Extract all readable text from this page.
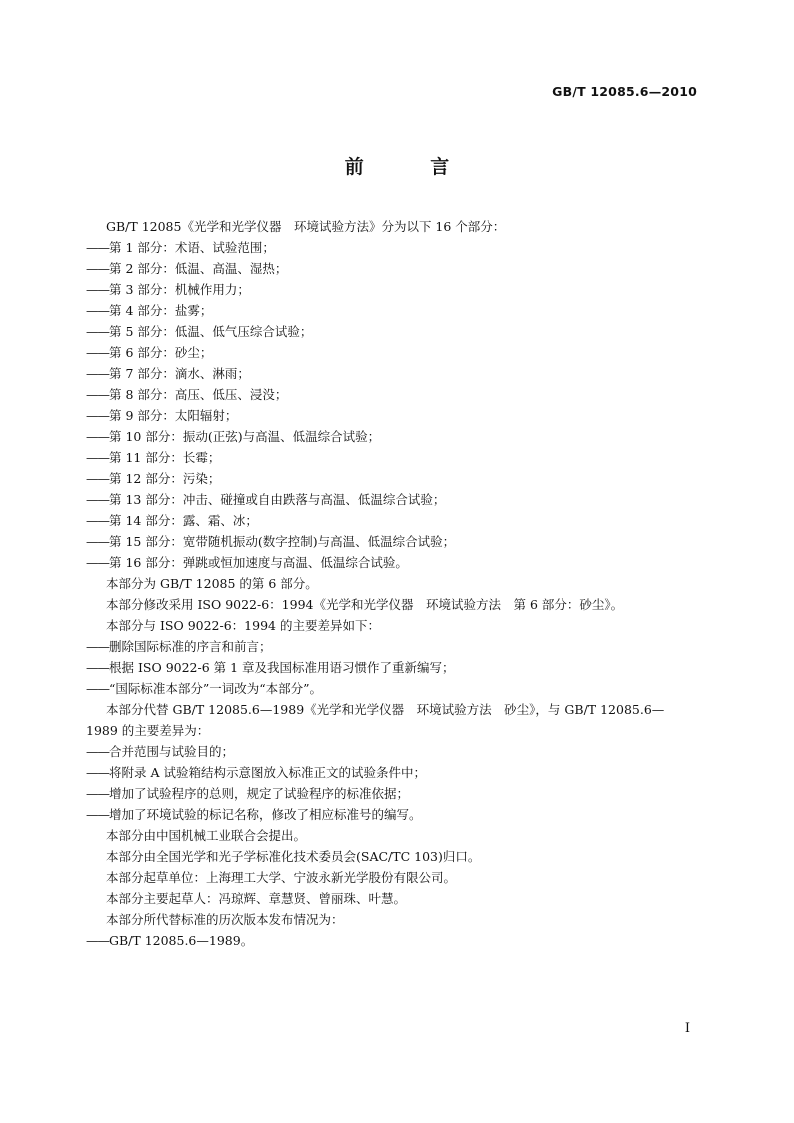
GB/T 12085.6—2010
前 言

GB/T 12085《光学和光学仪器　环境试验方法》分为以下 16 个部分：

——第 1 部分：术语、试验范围；

——第 2 部分：低温、高温、湿热；

——第 3 部分：机械作用力；

——第 4 部分：盐雾；

——第 5 部分：低温、低气压综合试验；

——第 6 部分：砂尘；

——第 7 部分：滴水、淋雨；

——第 8 部分：高压、低压、浸没；

——第 9 部分：太阳辐射；

——第 10 部分：振动(正弦)与高温、低温综合试验；

——第 11 部分：长霉；

——第 12 部分：污染；

——第 13 部分：冲击、碰撞或自由跌落与高温、低温综合试验；

——第 14 部分：露、霜、冰；

——第 15 部分：宽带随机振动(数字控制)与高温、低温综合试验；

——第 16 部分：弹跳或恒加速度与高温、低温综合试验。

本部分为 GB/T 12085 的第 6 部分。

本部分修改采用 ISO 9022-6：1994《光学和光学仪器　环境试验方法　第 6 部分：砂尘》。

本部分与 ISO 9022-6：1994 的主要差异如下：

——删除国际标准的序言和前言；

——根据 ISO 9022-6 第 1 章及我国标准用语习惯作了重新编写；

——“国际标准本部分”一词改为“本部分”。

本部分代替 GB/T 12085.6—1989《光学和光学仪器　环境试验方法　砂尘》，与 GB/T 12085.6—

1989 的主要差异为：

——合并范围与试验目的；

——将附录 A 试验箱结构示意图放入标准正文的试验条件中；

——增加了试验程序的总则，规定了试验程序的标准依据；

——增加了环境试验的标记名称，修改了相应标准号的编写。

本部分由中国机械工业联合会提出。

本部分由全国光学和光子学标准化技术委员会(SAC/TC 103)归口。

本部分起草单位：上海理工大学、宁波永新光学股份有限公司。

本部分主要起草人：冯琼辉、章慧贤、曾丽珠、叶慧。

本部分所代替标准的历次版本发布情况为：

——GB/T 12085.6—1989。

I
